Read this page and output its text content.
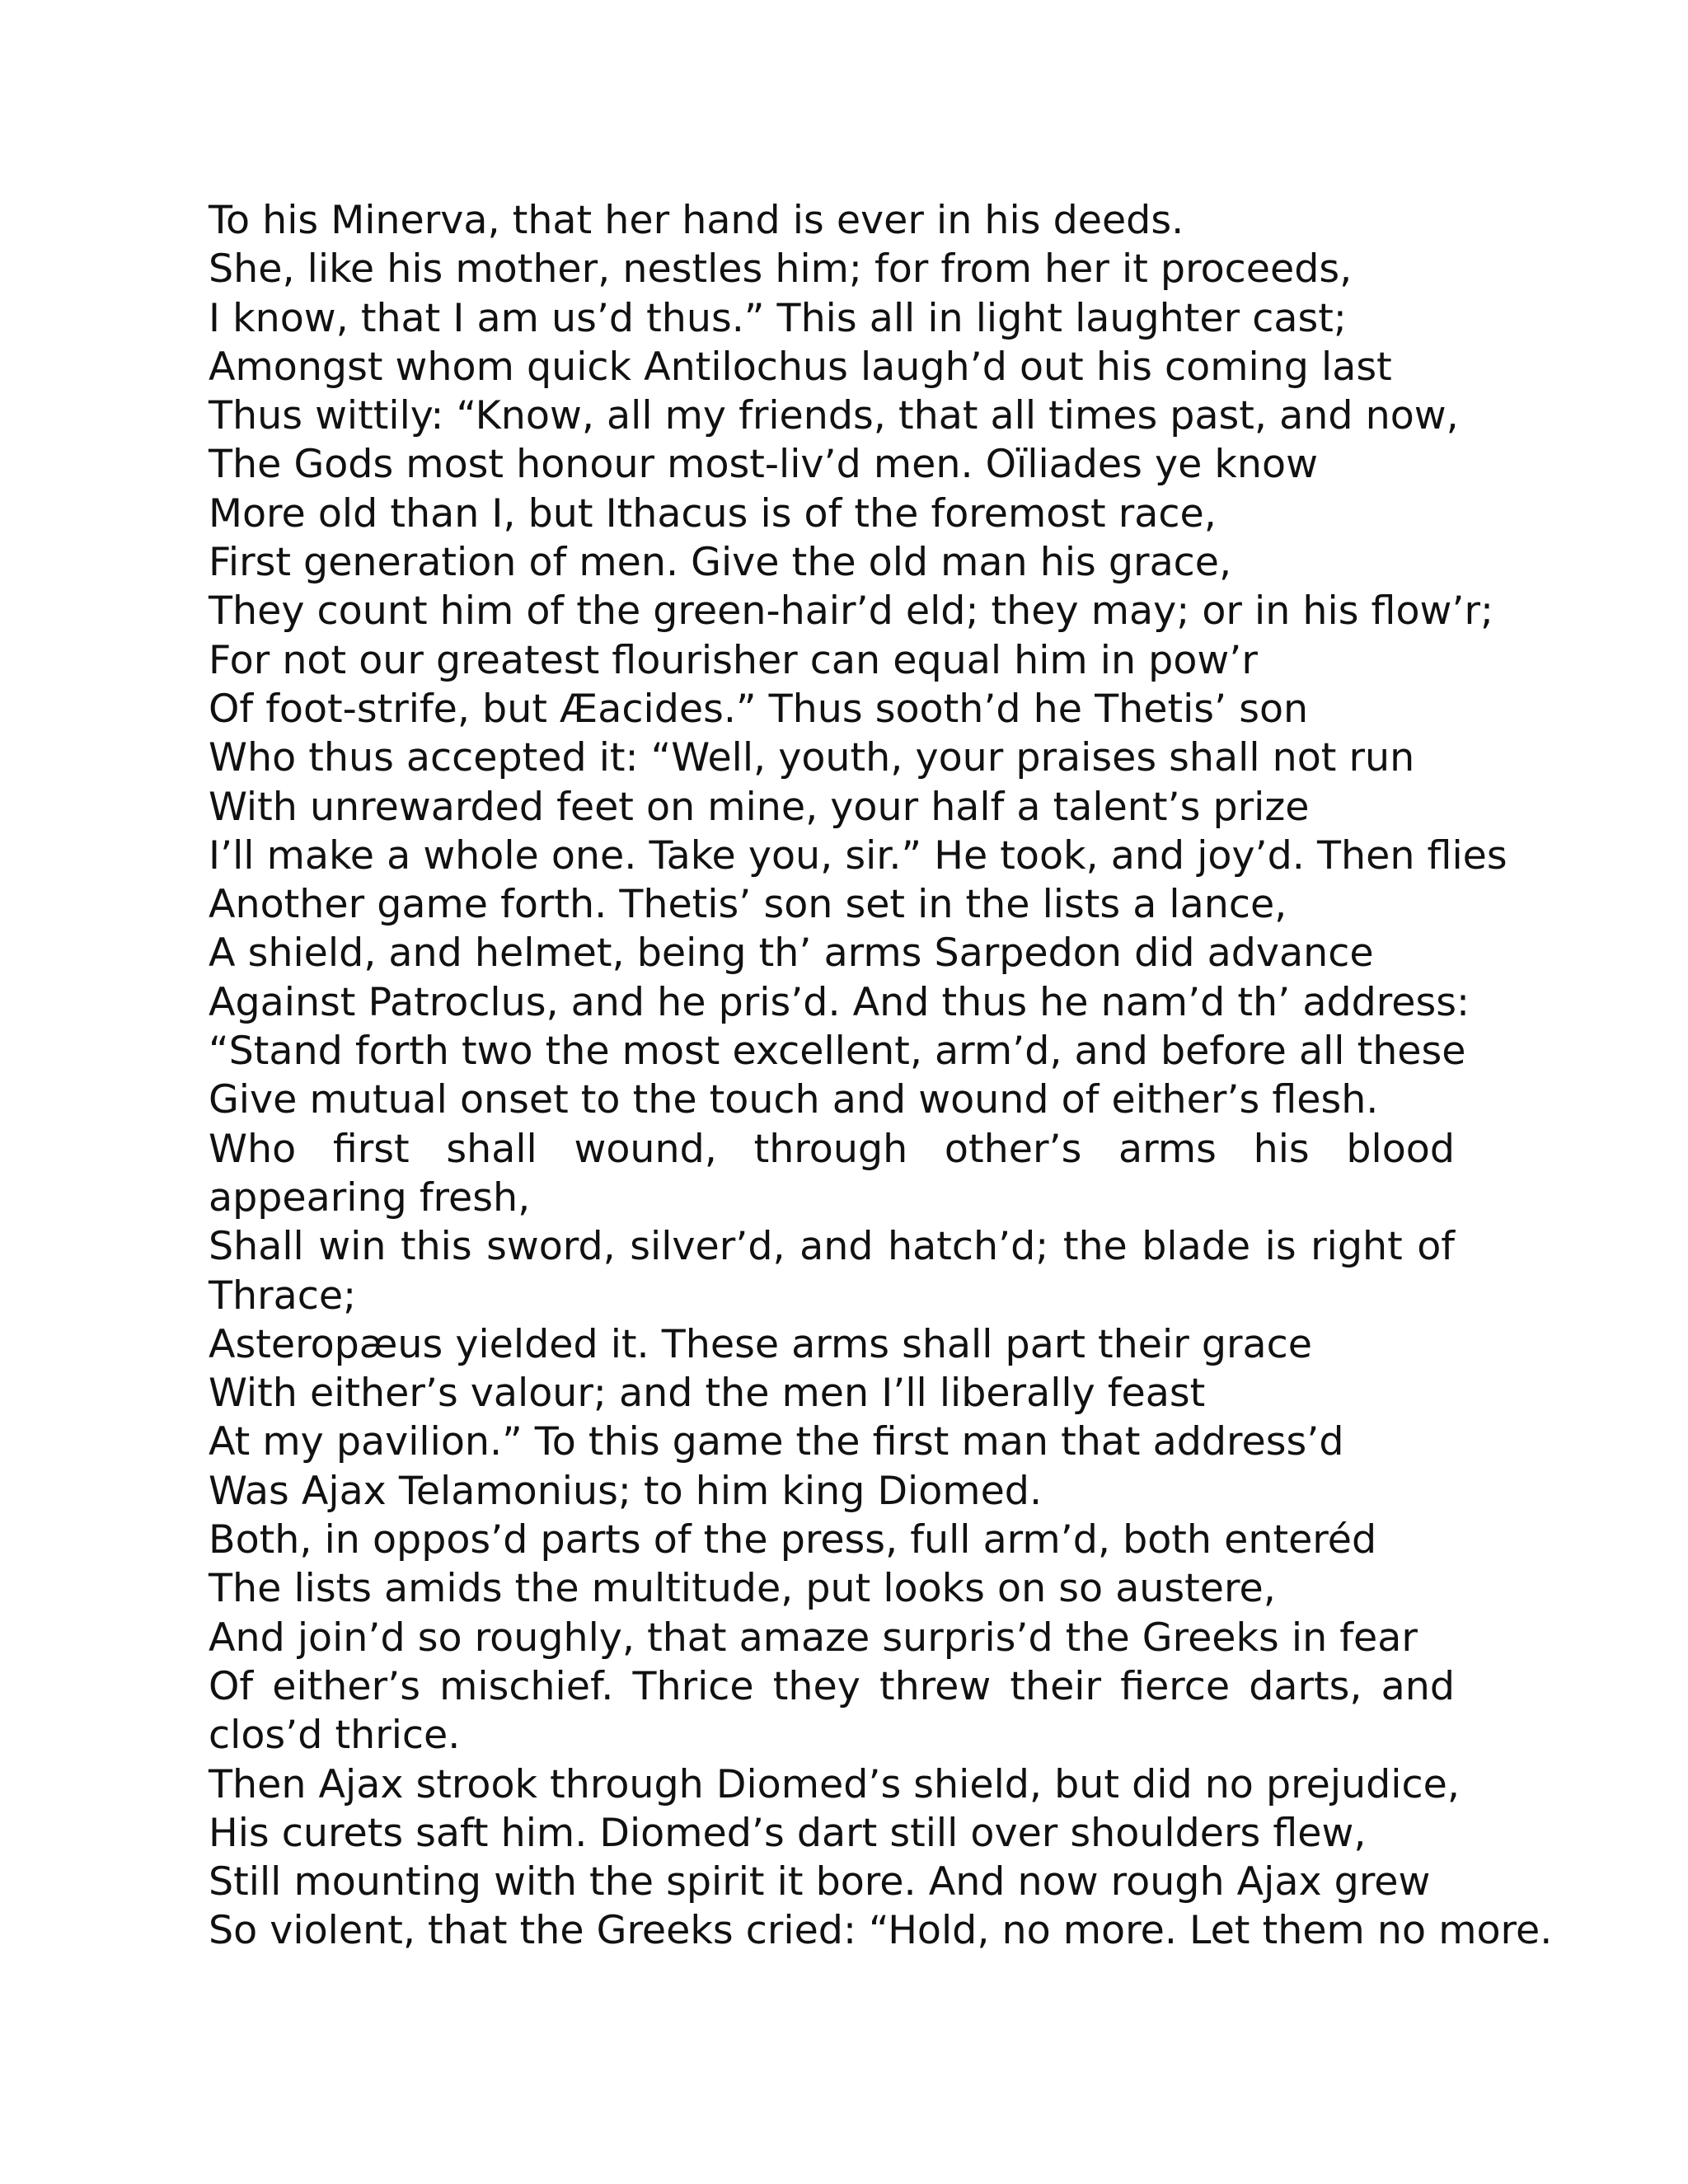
To his Minerva, that her hand is ever in his deeds.
She, like his mother, nestles him; for from her it proceeds,
I know, that I am us’d thus.” This all in light laughter cast;
Amongst whom quick Antilochus laugh’d out his coming last
Thus wittily: “Know, all my friends, that all times past, and now,
The Gods most honour most-liv’d men. Oïliades ye know
More old than I, but Ithacus is of the foremost race,
First generation of men. Give the old man his grace,
They count him of the green-hair’d eld; they may; or in his flow’r;
For not our greatest flourisher can equal him in pow’r
Of foot-strife, but Æacides.” Thus sooth’d he Thetis’ son
Who thus accepted it: “Well, youth, your praises shall not run
With unrewarded feet on mine, your half a talent’s prize
I’ll make a whole one. Take you, sir.” He took, and joy’d. Then flies
Another game forth. Thetis’ son set in the lists a lance,
A shield, and helmet, being th’ arms Sarpedon did advance
Against Patroclus, and he pris’d. And thus he nam’d th’ address:
“Stand forth two the most excellent, arm’d, and before all these
Give mutual onset to the touch and wound of either’s flesh.
Who first shall wound, through other’s arms his blood appearing fresh,
Shall win this sword, silver’d, and hatch’d; the blade is right of Thrace;
Asteropæus yielded it. These arms shall part their grace
With either’s valour; and the men I’ll liberally feast
At my pavilion.” To this game the first man that address’d
Was Ajax Telamonius; to him king Diomed.
Both, in oppos’d parts of the press, full arm’d, both enteréd
The lists amids the multitude, put looks on so austere,
And join’d so roughly, that amaze surpris’d the Greeks in fear
Of either’s mischief. Thrice they threw their fierce darts, and clos’d thrice.
Then Ajax strook through Diomed’s shield, but did no prejudice,
His curets saft him. Diomed’s dart still over shoulders flew,
Still mounting with the spirit it bore. And now rough Ajax grew
So violent, that the Greeks cried: “Hold, no more. Let them no more.
